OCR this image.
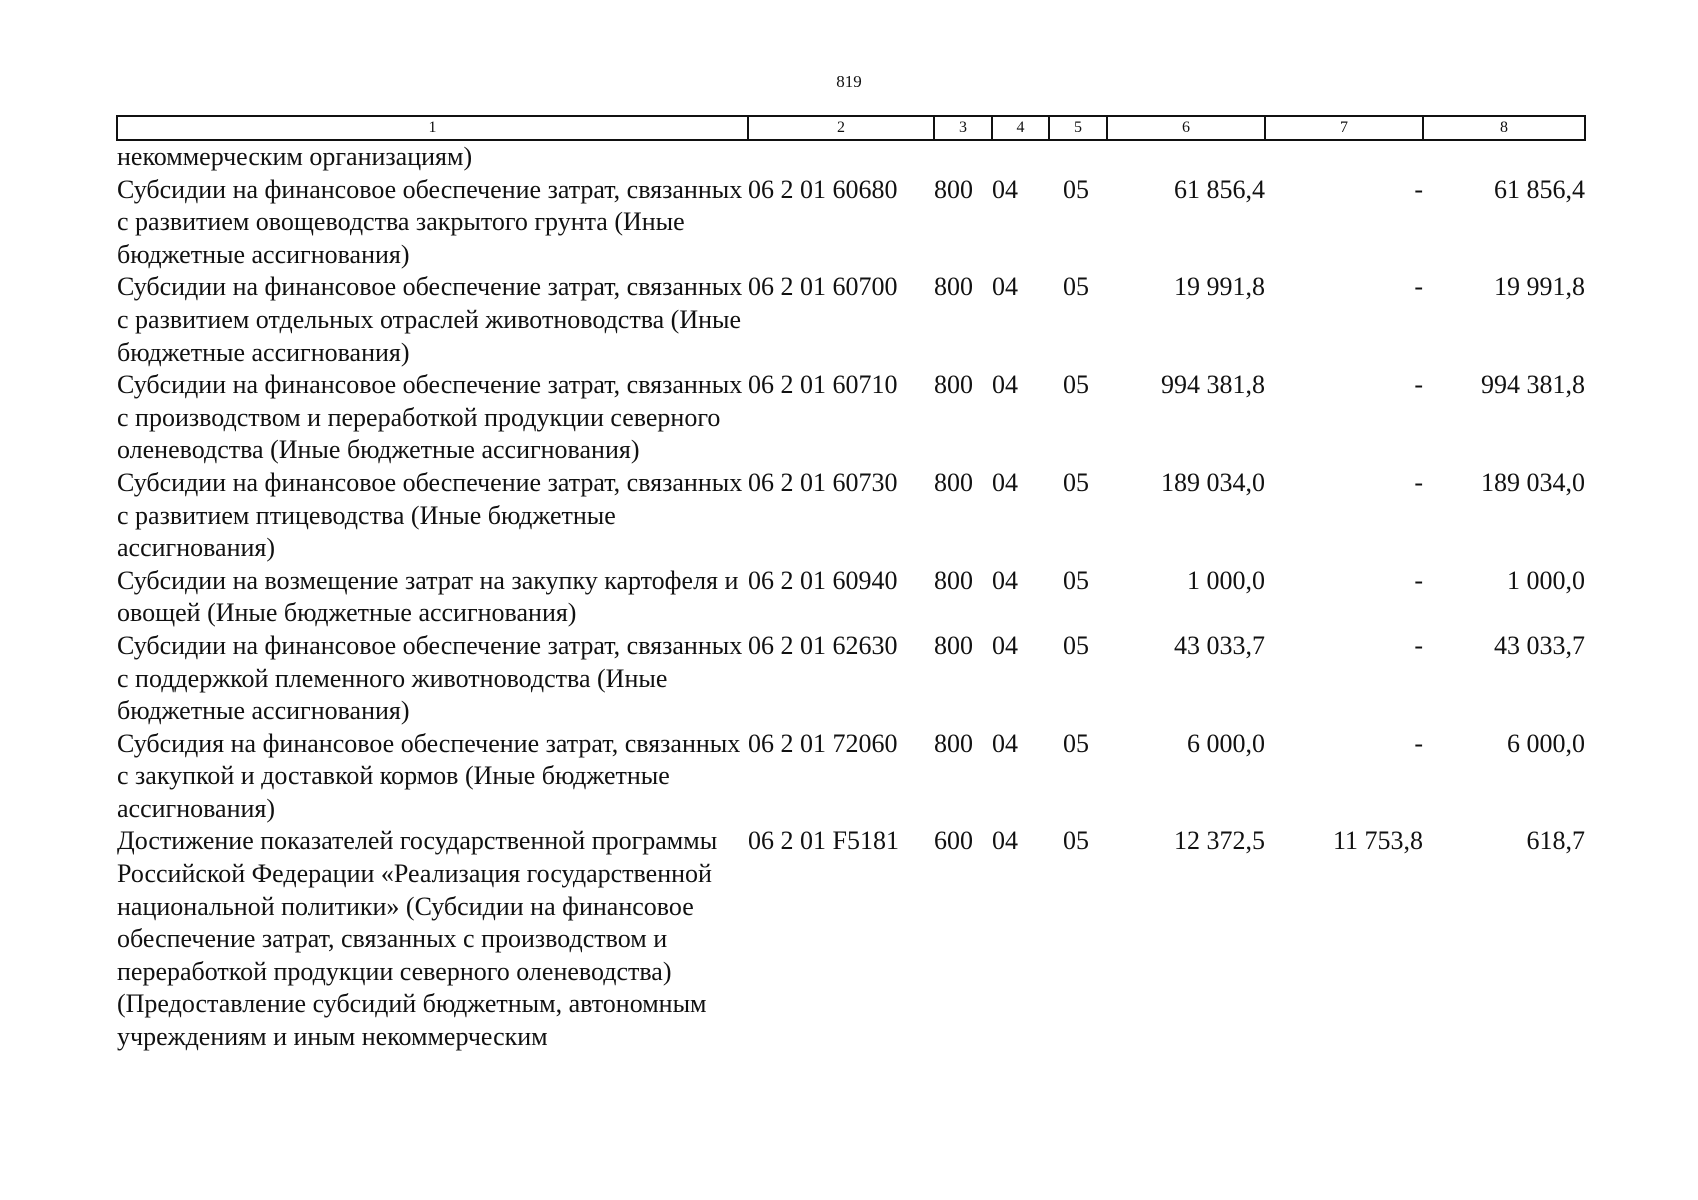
819
1	2	3	4	5	6	7	8
некоммерческим организациям)							
Субсидии на финансовое обеспечение затрат, связанных с развитием овощеводства закрытого грунта (Иные бюджетные ассигнования)	06 2 01 60680	800	04	05	61 856,4	-	61 856,4
Субсидии на финансовое обеспечение затрат, связанных с развитием отдельных отраслей животноводства (Иные бюджетные ассигнования)	06 2 01 60700	800	04	05	19 991,8	-	19 991,8
Субсидии на финансовое обеспечение затрат, связанных с производством и переработкой продукции северного оленеводства (Иные бюджетные ассигнования)	06 2 01 60710	800	04	05	994 381,8	-	994 381,8
Субсидии на финансовое обеспечение затрат, связанных с развитием птицеводства (Иные бюджетные ассигнования)	06 2 01 60730	800	04	05	189 034,0	-	189 034,0
Субсидии на возмещение затрат на закупку картофеля и овощей (Иные бюджетные ассигнования)	06 2 01 60940	800	04	05	1 000,0	-	1 000,0
Субсидии на финансовое обеспечение затрат, связанных с поддержкой племенного животноводства (Иные бюджетные ассигнования)	06 2 01 62630	800	04	05	43 033,7	-	43 033,7
Субсидия на финансовое обеспечение затрат, связанных с закупкой и доставкой кормов (Иные бюджетные ассигнования)	06 2 01 72060	800	04	05	6 000,0	-	6 000,0
Достижение показателей государственной программы Российской Федерации «Реализация государственной национальной политики» (Субсидии на финансовое обеспечение затрат, связанных с производством и переработкой продукции северного оленеводства) (Предоставление субсидий бюджетным, автономным учреждениям и иным некоммерческим	06 2 01 F5181	600	04	05	12 372,5	11 753,8	618,7
